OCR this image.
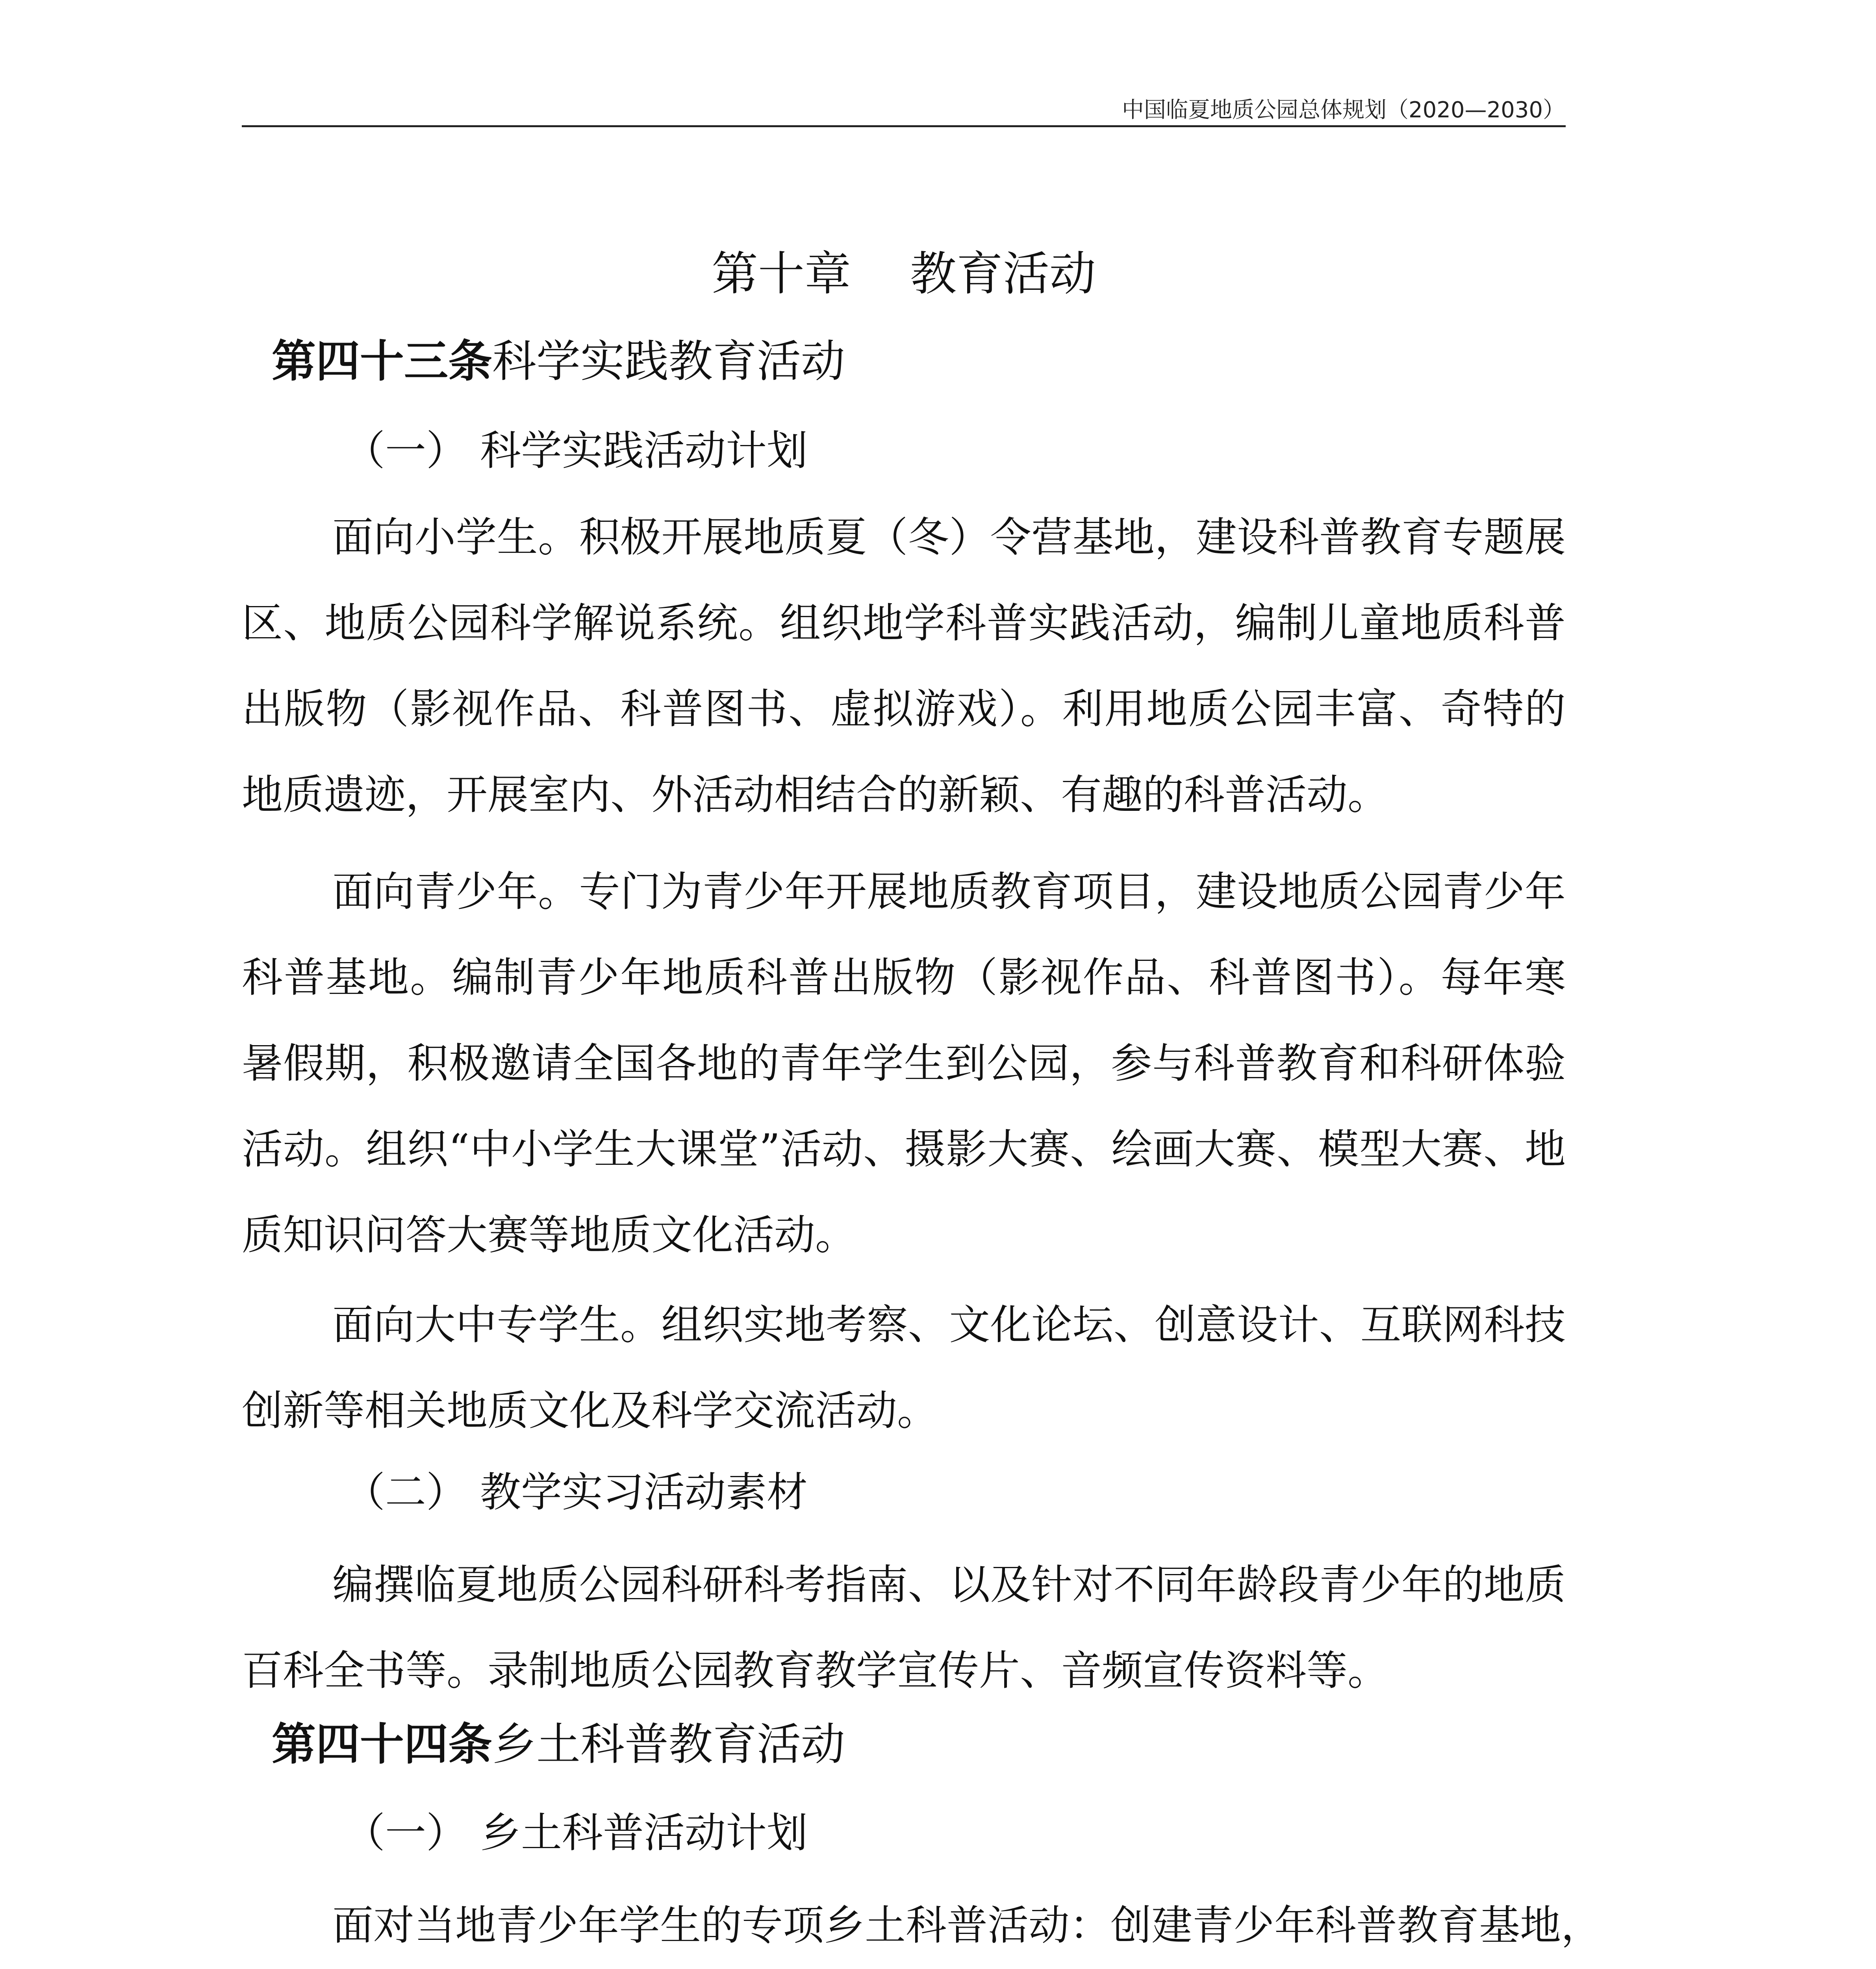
中国临夏地质公园总体规划（2020—2030）
第十章    教育活动
第四十三条科学实践教育活动
（一） 科学实践活动计划
面向小学生。积极开展地质夏（冬）令营基地，建设科普教育专题展
区、地质公园科学解说系统。组织地学科普实践活动，编制儿童地质科普
出版物（影视作品、科普图书、虚拟游戏）。利用地质公园丰富、奇特的
地质遗迹，开展室内、外活动相结合的新颖、有趣的科普活动。
面向青少年。专门为青少年开展地质教育项目，建设地质公园青少年
科普基地。编制青少年地质科普出版物（影视作品、科普图书）。每年寒
暑假期，积极邀请全国各地的青年学生到公园，参与科普教育和科研体验
活动。组织“中小学生大课堂”活动、摄影大赛、绘画大赛、模型大赛、地
质知识问答大赛等地质文化活动。
面向大中专学生。组织实地考察、文化论坛、创意设计、互联网科技
创新等相关地质文化及科学交流活动。
（二） 教学实习活动素材
编撰临夏地质公园科研科考指南、以及针对不同年龄段青少年的地质
百科全书等。录制地质公园教育教学宣传片、音频宣传资料等。
第四十四条乡土科普教育活动
（一） 乡土科普活动计划
面对当地青少年学生的专项乡土科普活动：创建青少年科普教育基地，
